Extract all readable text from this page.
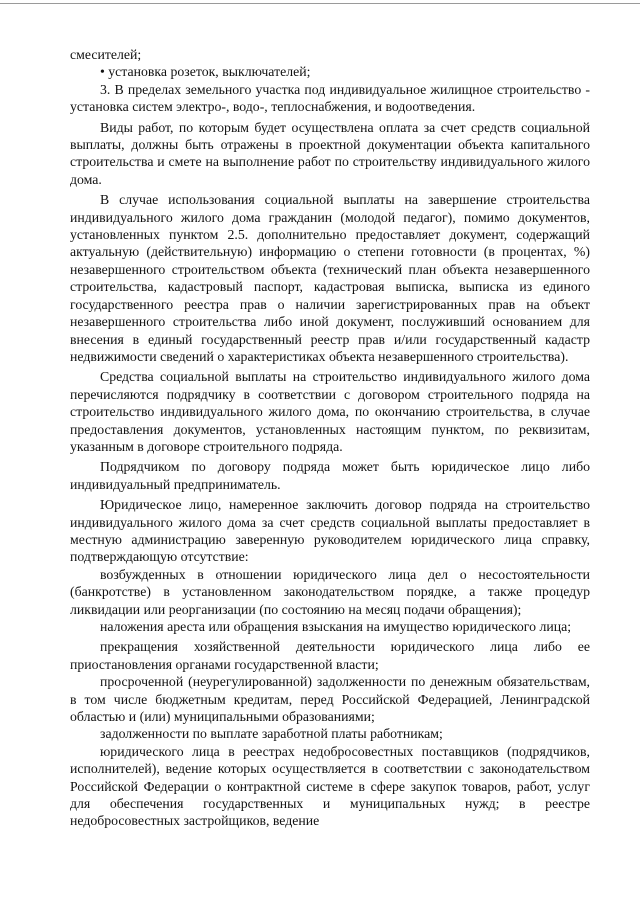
смесителей;

• установка розеток, выключателей;

3. В пределах земельного участка под индивидуальное жилищное строительство - установка систем электро-, водо-, теплоснабжения, и водоотведения.

Виды работ, по которым будет осуществлена оплата за счет средств социальной выплаты, должны быть отражены в проектной документации объекта капитального строительства и смете на выполнение работ по строительству индивидуального жилого дома.

В случае использования социальной выплаты на завершение строительства индивидуального жилого дома гражданин (молодой педагог), помимо документов, установленных пунктом 2.5. дополнительно предоставляет документ, содержащий актуальную (действительную) информацию о степени готовности (в процентах, %) незавершенного строительством объекта (технический план объекта незавершенного строительства, кадастровый паспорт, кадастровая выписка, выписка из единого государственного реестра прав о наличии зарегистрированных прав на объект незавершенного строительства либо иной документ, послуживший основанием для внесения в единый государственный реестр прав и/или государственный кадастр недвижимости сведений о характеристиках объекта незавершенного строительства).

Средства социальной выплаты на строительство индивидуального жилого дома перечисляются подрядчику в соответствии с договором строительного подряда на строительство индивидуального жилого дома, по окончанию строительства, в случае предоставления документов, установленных настоящим пунктом, по реквизитам, указанным в договоре строительного подряда.

Подрядчиком по договору подряда может быть юридическое лицо либо индивидуальный предприниматель.

Юридическое лицо, намеренное заключить договор подряда на строительство индивидуального жилого дома за счет средств социальной выплаты предоставляет в местную администрацию заверенную руководителем юридического лица справку, подтверждающую отсутствие:

возбужденных в отношении юридического лица дел о несостоятельности (банкротстве) в установленном законодательством порядке, а также процедур ликвидации или реорганизации (по состоянию на месяц подачи обращения);

наложения ареста или обращения взыскания на имущество юридического лица;

прекращения хозяйственной деятельности юридического лица либо ее приостановления органами государственной власти;

просроченной (неурегулированной) задолженности по денежным обязательствам, в том числе бюджетным кредитам, перед Российской Федерацией, Ленинградской областью и (или) муниципальными образованиями;

задолженности по выплате заработной платы работникам;

юридического лица в реестрах недобросовестных поставщиков (подрядчиков, исполнителей), ведение которых осуществляется в соответствии с законодательством Российской Федерации о контрактной системе в сфере закупок товаров, работ, услуг для обеспечения государственных и муниципальных нужд; в реестре недобросовестных застройщиков, ведение
